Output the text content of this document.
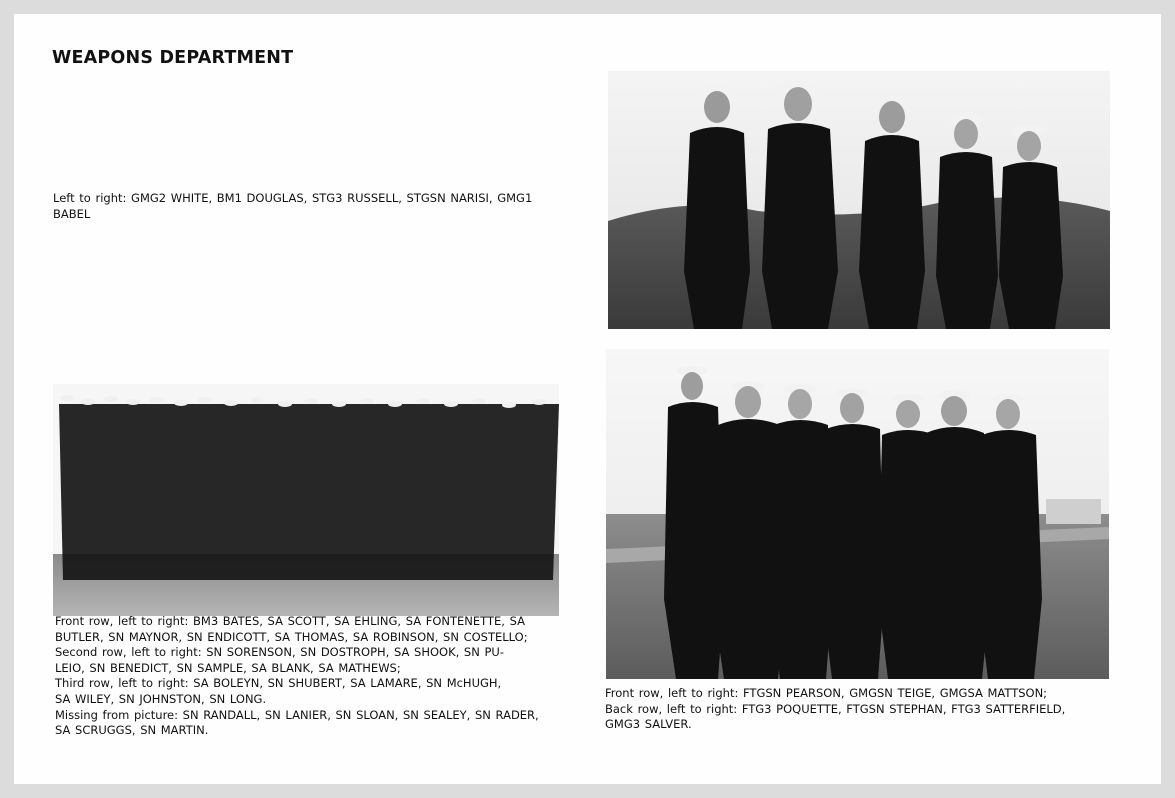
WEAPONS DEPARTMENT
Left to right: GMG2 WHITE, BM1 DOUGLAS, STG3 RUSSELL, STGSN NARISI, GMG1
BABEL
Front row, left to right: BM3 BATES, SA SCOTT, SA EHLING, SA FONTENETTE, SA
BUTLER, SN MAYNOR, SN ENDICOTT, SA THOMAS, SA ROBINSON, SN COSTELLO;
Second row, left to right: SN SORENSON, SN DOSTROPH, SA SHOOK, SN PU-
LEIO, SN BENEDICT, SN SAMPLE, SA BLANK, SA MATHEWS;
Third row, left to right: SA BOLEYN, SN SHUBERT, SA LAMARE, SN McHUGH,
SA WILEY, SN JOHNSTON, SN LONG.
Missing from picture: SN RANDALL, SN LANIER, SN SLOAN, SN SEALEY, SN RADER,
SA SCRUGGS, SN MARTIN.
Front row, left to right: FTGSN PEARSON, GMGSN TEIGE, GMGSA MATTSON;
Back row, left to right: FTG3 POQUETTE, FTGSN STEPHAN, FTG3 SATTERFIELD,
GMG3 SALVER.
